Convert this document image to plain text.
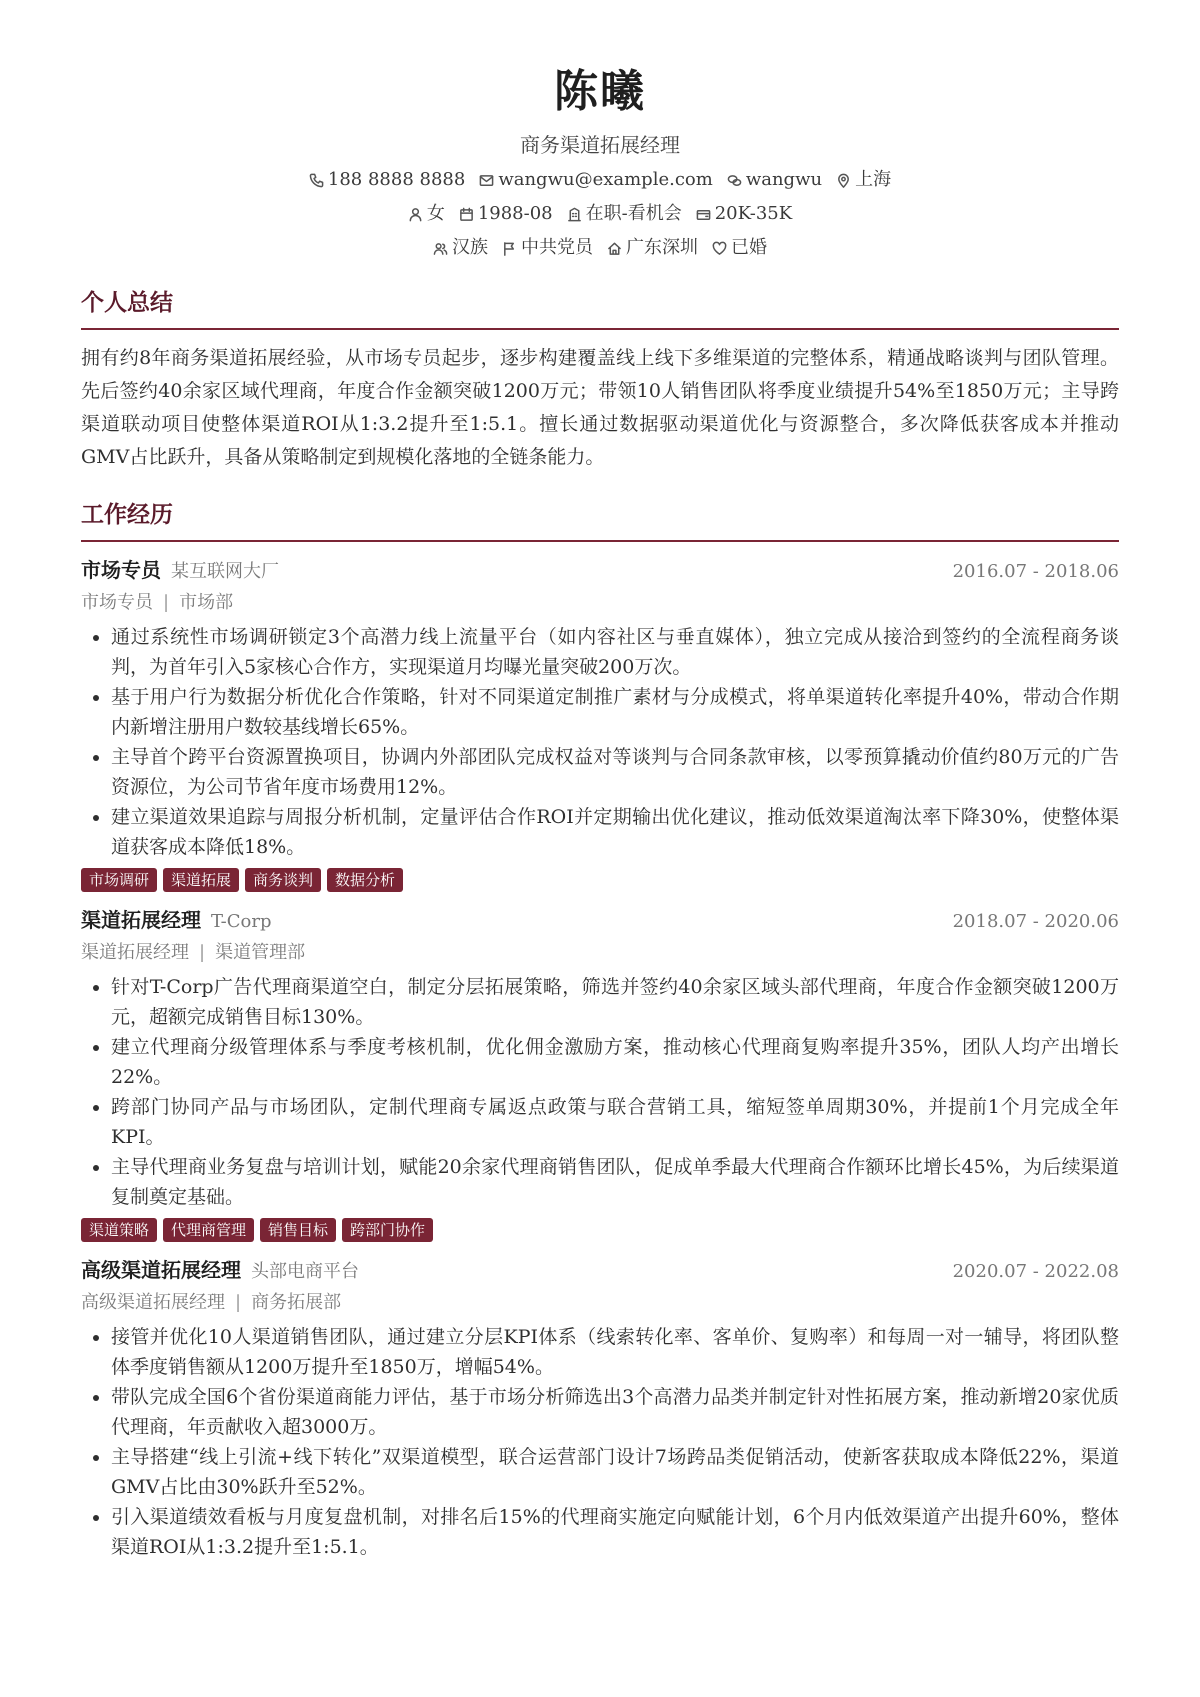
陈曦
商务渠道拓展经理
188 8888 8888 wangwu@example.com wangwu 上海
女 1988-08 在职-看机会 20K-35K
汉族 中共党员 广东深圳 已婚
个人总结
拥有约8年商务渠道拓展经验，从市场专员起步，逐步构建覆盖线上线下多维渠道的完整体系，精通战略谈判与团队管理。先后签约40余家区域代理商，年度合作金额突破1200万元；带领10人销售团队将季度业绩提升54%至1850万元；主导跨渠道联动项目使整体渠道ROI从1:3.2提升至1:5.1。擅长通过数据驱动渠道优化与资源整合，多次降低获客成本并推动GMV占比跃升，具备从策略制定到规模化落地的全链条能力。
工作经历
市场专员 某互联网大厂	2016.07 - 2018.06
市场专员 | 市场部
• 通过系统性市场调研锁定3个高潜力线上流量平台（如内容社区与垂直媒体），独立完成从接洽到签约的全流程商务谈判，为首年引入5家核心合作方，实现渠道月均曝光量突破200万次。
• 基于用户行为数据分析优化合作策略，针对不同渠道定制推广素材与分成模式，将单渠道转化率提升40%，带动合作期内新增注册用户数较基线增长65%。
• 主导首个跨平台资源置换项目，协调内外部团队完成权益对等谈判与合同条款审核，以零预算撬动价值约80万元的广告资源位，为公司节省年度市场费用12%。
• 建立渠道效果追踪与周报分析机制，定量评估合作ROI并定期输出优化建议，推动低效渠道淘汰率下降30%，使整体渠道获客成本降低18%。
市场调研	渠道拓展	商务谈判	数据分析
渠道拓展经理 T-Corp	2018.07 - 2020.06
渠道拓展经理 | 渠道管理部
• 针对T-Corp广告代理商渠道空白，制定分层拓展策略，筛选并签约40余家区域头部代理商，年度合作金额突破1200万元，超额完成销售目标130%。
• 建立代理商分级管理体系与季度考核机制，优化佣金激励方案，推动核心代理商复购率提升35%，团队人均产出增长22%。
• 跨部门协同产品与市场团队，定制代理商专属返点政策与联合营销工具，缩短签单周期30%，并提前1个月完成全年KPI。
• 主导代理商业务复盘与培训计划，赋能20余家代理商销售团队，促成单季最大代理商合作额环比增长45%，为后续渠道复制奠定基础。
渠道策略	代理商管理	销售目标	跨部门协作
高级渠道拓展经理 头部电商平台	2020.07 - 2022.08
高级渠道拓展经理 | 商务拓展部
• 接管并优化10人渠道销售团队，通过建立分层KPI体系（线索转化率、客单价、复购率）和每周一对一辅导，将团队整体季度销售额从1200万提升至1850万，增幅54%。
• 带队完成全国6个省份渠道商能力评估，基于市场分析筛选出3个高潜力品类并制定针对性拓展方案，推动新增20家优质代理商，年贡献收入超3000万。
• 主导搭建“线上引流+线下转化”双渠道模型，联合运营部门设计7场跨品类促销活动，使新客获取成本降低22%，渠道GMV占比由30%跃升至52%。
• 引入渠道绩效看板与月度复盘机制，对排名后15%的代理商实施定向赋能计划，6个月内低效渠道产出提升60%，整体渠道ROI从1:3.2提升至1:5.1。
